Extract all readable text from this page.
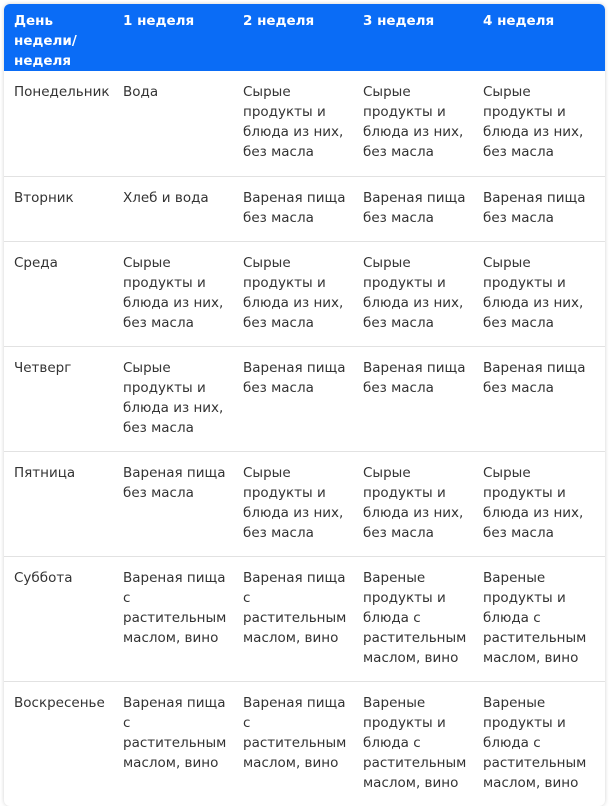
День недели/ неделя	1 неделя	2 неделя	3 неделя	4 неделя
Понедельник	Вода	Сырые продукты и блюда из них, без масла	Сырые продукты и блюда из них, без масла	Сырые продукты и блюда из них, без масла
Вторник	Хлеб и вода	Вареная пища без масла	Вареная пища без масла	Вареная пища без масла
Среда	Сырые продукты и блюда из них, без масла	Сырые продукты и блюда из них, без масла	Сырые продукты и блюда из них, без масла	Сырые продукты и блюда из них, без масла
Четверг	Сырые продукты и блюда из них, без масла	Вареная пища без масла	Вареная пища без масла	Вареная пища без масла
Пятница	Вареная пища без масла	Сырые продукты и блюда из них, без масла	Сырые продукты и блюда из них, без масла	Сырые продукты и блюда из них, без масла
Суббота	Вареная пища с растительным маслом, вино	Вареная пища с растительным маслом, вино	Вареные продукты и блюда с растительным маслом, вино	Вареные продукты и блюда с растительным маслом, вино
Воскресенье	Вареная пища с растительным маслом, вино	Вареная пища с растительным маслом, вино	Вареные продукты и блюда с растительным маслом, вино	Вареные продукты и блюда с растительным маслом, вино
